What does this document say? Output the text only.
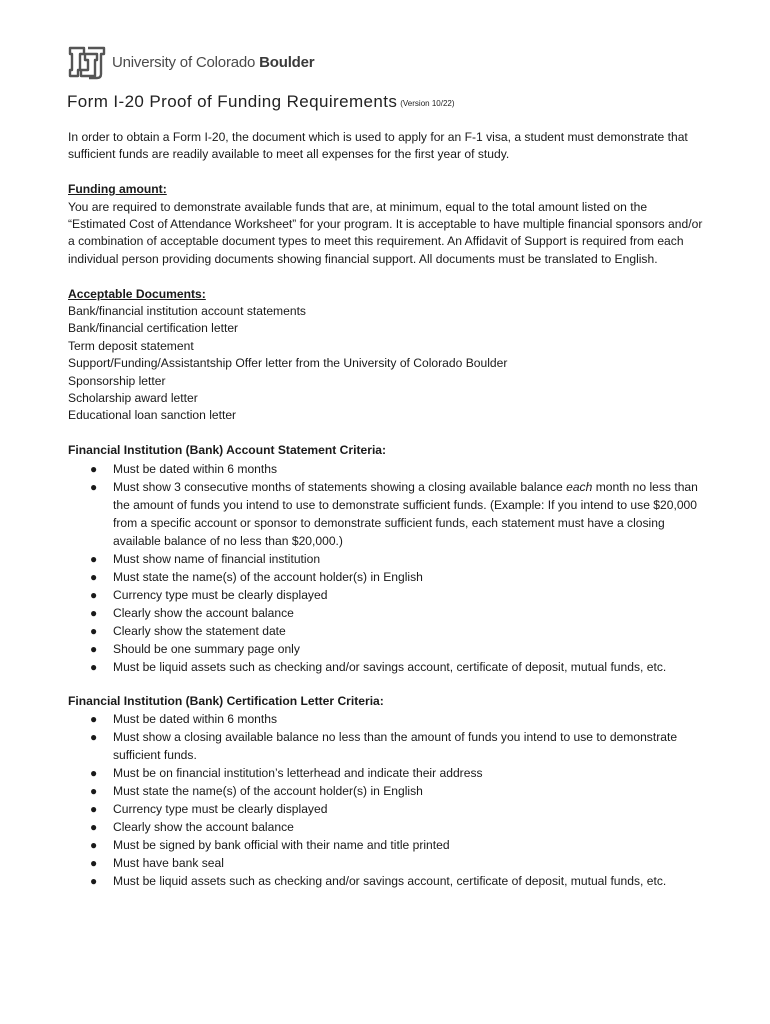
University of Colorado Boulder
Form I-20 Proof of Funding Requirements (Version 10/22)

In order to obtain a Form I-20, the document which is used to apply for an F-1 visa, a student must demonstrate that sufficient funds are readily available to meet all expenses for the first year of study.

Funding amount:

You are required to demonstrate available funds that are, at minimum, equal to the total amount listed on the “Estimated Cost of Attendance Worksheet” for your program. It is acceptable to have multiple financial sponsors and/or a combination of acceptable document types to meet this requirement. An Affidavit of Support is required from each individual person providing documents showing financial support. All documents must be translated to English.

Acceptable Documents:

Bank/financial institution account statements

Bank/financial certification letter

Term deposit statement

Support/Funding/Assistantship Offer letter from the University of Colorado Boulder

Sponsorship letter

Scholarship award letter

Educational loan sanction letter

Financial Institution (Bank) Account Statement Criteria:

● Must be dated within 6 months
● Must show 3 consecutive months of statements showing a closing available balance each month no less than the amount of funds you intend to use to demonstrate sufficient funds. (Example: If you intend to use $20,000 from a specific account or sponsor to demonstrate sufficient funds, each statement must have a closing available balance of no less than $20,000.)
● Must show name of financial institution
● Must state the name(s) of the account holder(s) in English
● Currency type must be clearly displayed
● Clearly show the account balance
● Clearly show the statement date
● Should be one summary page only
● Must be liquid assets such as checking and/or savings account, certificate of deposit, mutual funds, etc.

Financial Institution (Bank) Certification Letter Criteria:

● Must be dated within 6 months
● Must show a closing available balance no less than the amount of funds you intend to use to demonstrate sufficient funds.
● Must be on financial institution’s letterhead and indicate their address
● Must state the name(s) of the account holder(s) in English
● Currency type must be clearly displayed
● Clearly show the account balance
● Must be signed by bank official with their name and title printed
● Must have bank seal
● Must be liquid assets such as checking and/or savings account, certificate of deposit, mutual funds, etc.
